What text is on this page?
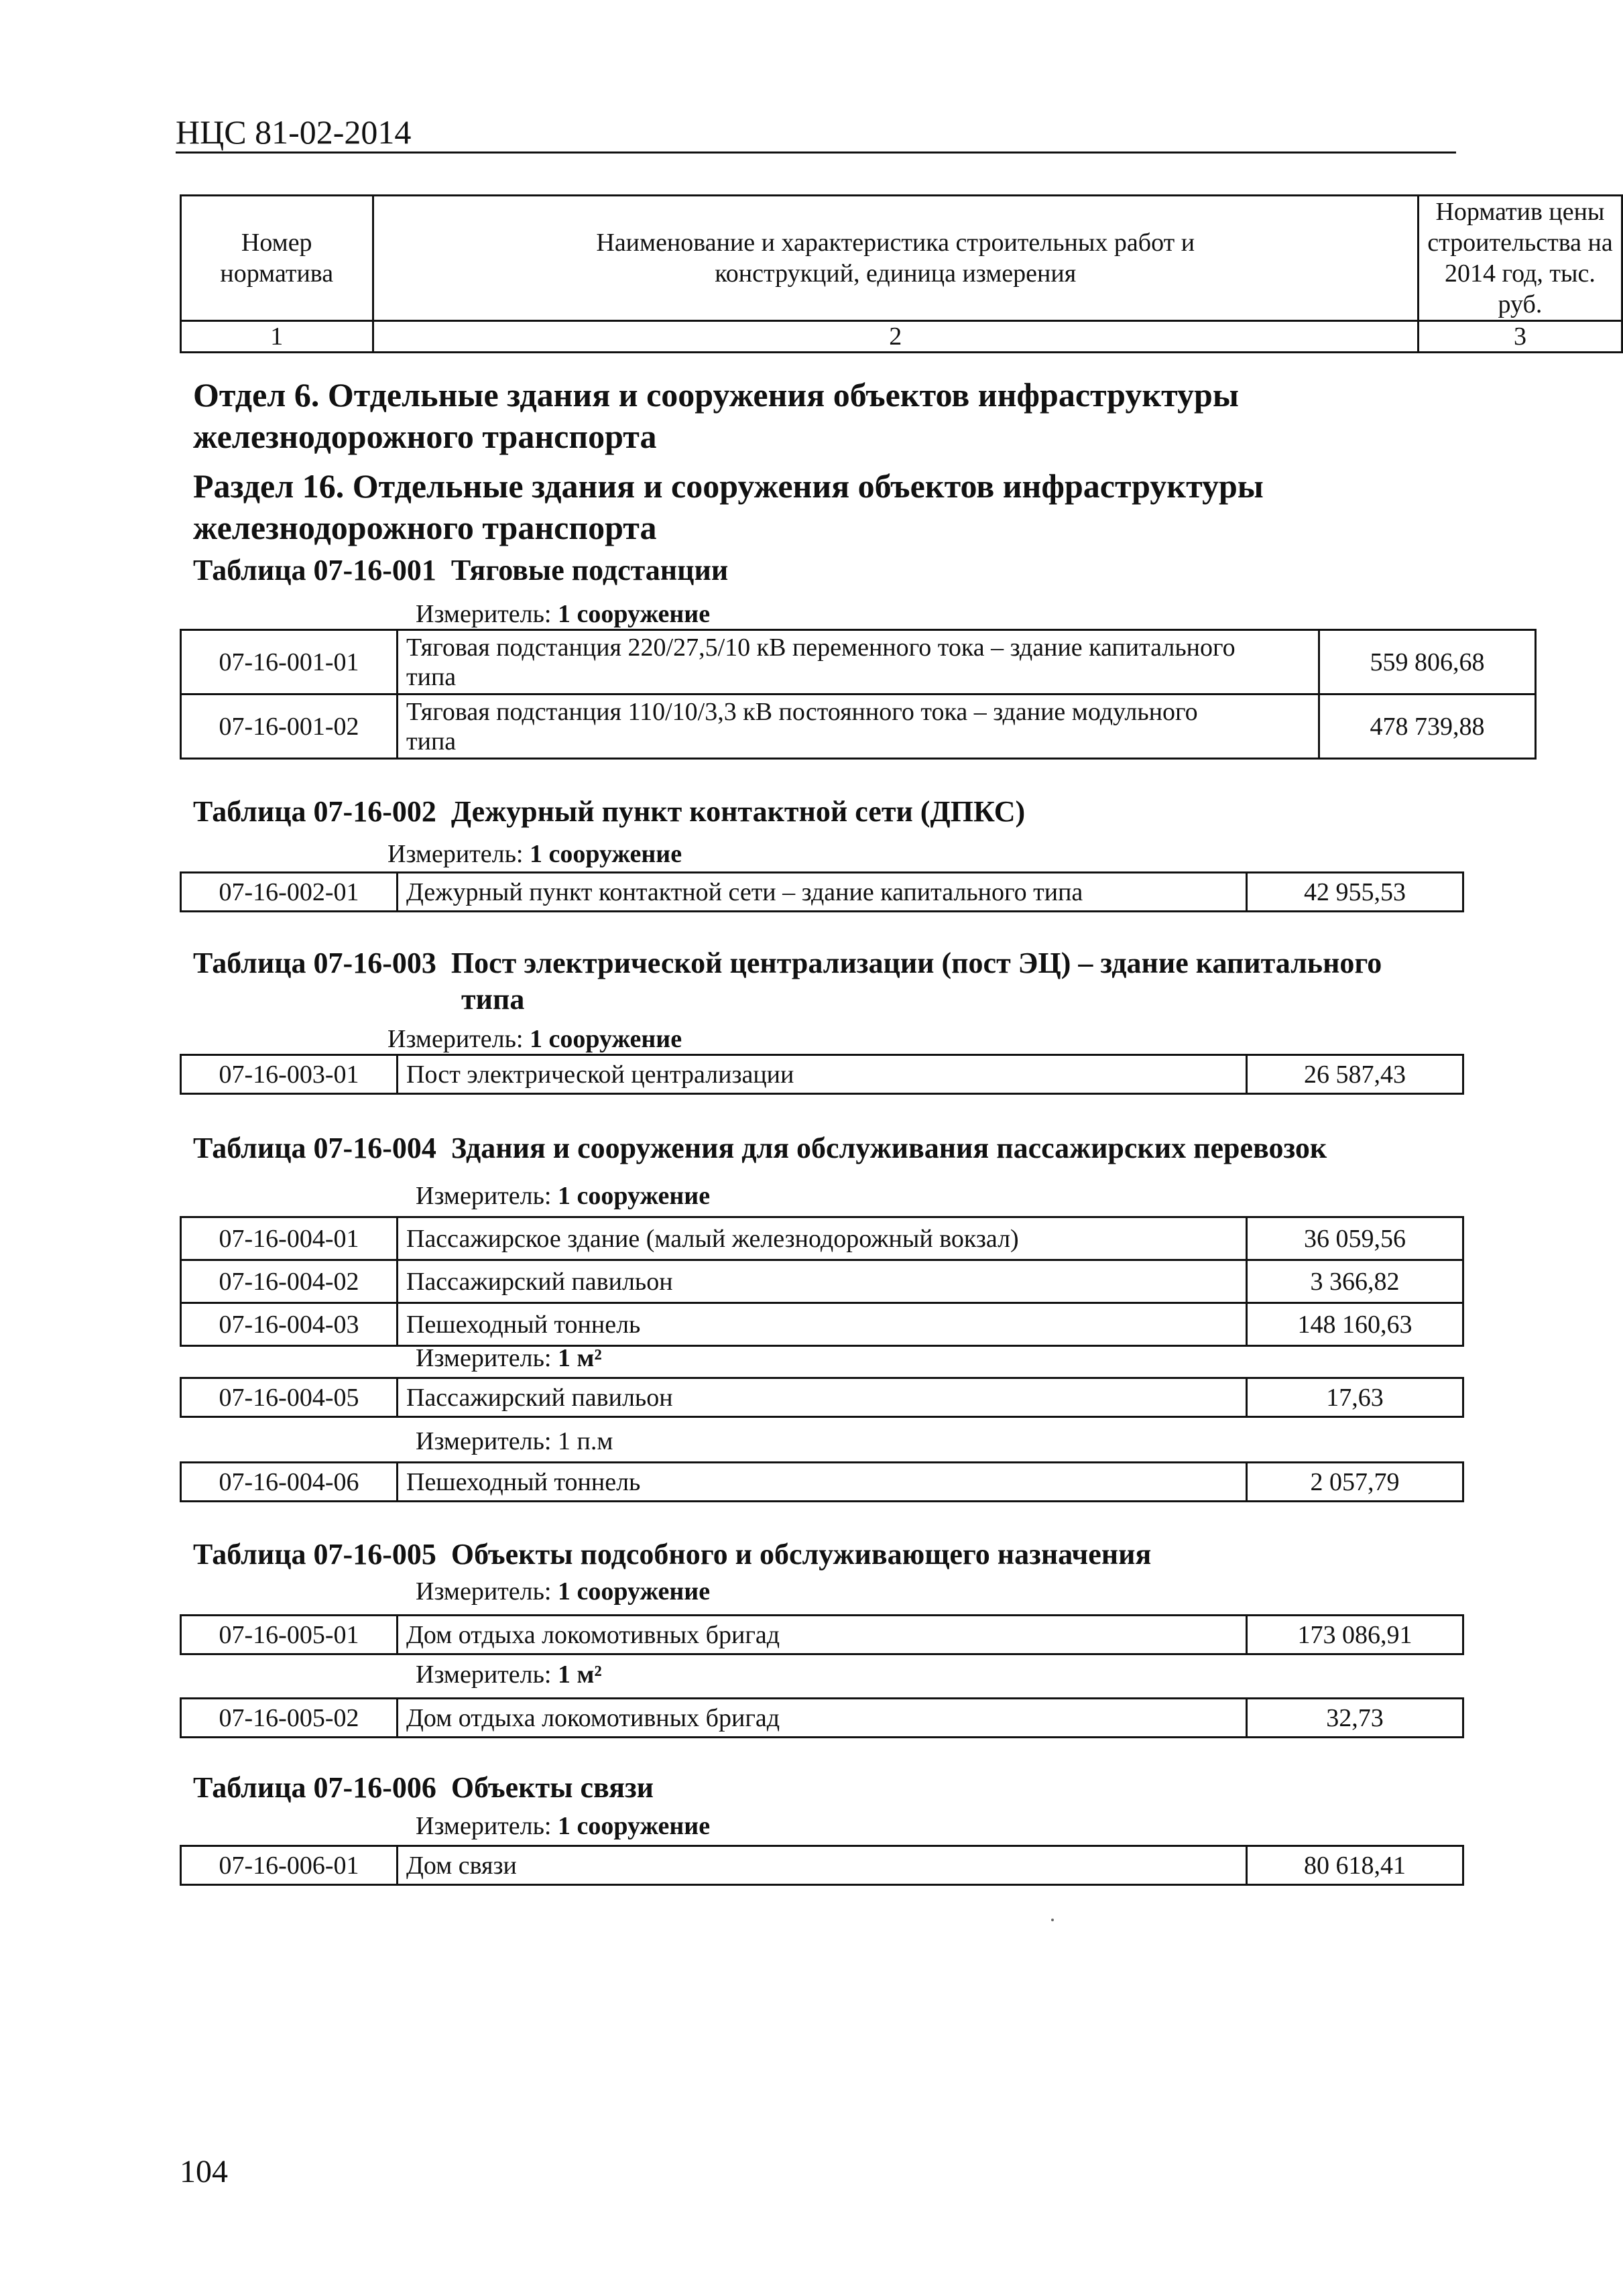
НЦС 81-02-2014
Номер норматива	Наименование и характеристика строительных работ и конструкций, единица измерения	Норматив цены строительства на 2014 год, тыс. руб.
1	2	3
Отдел 6. Отдельные здания и сооружения объектов инфраструктуры железнодорожного транспорта
Раздел 16. Отдельные здания и сооружения объектов инфраструктуры железнодорожного транспорта
Таблица 07-16-001 Тяговые подстанции
Измеритель: 1 сооружение
07-16-001-01	Тяговая подстанция 220/27,5/10 кВ переменного тока – здание капитального типа	559 806,68
07-16-001-02	Тяговая подстанция 110/10/3,3 кВ постоянного тока – здание модульного типа	478 739,88
Таблица 07-16-002 Дежурный пункт контактной сети (ДПКС)
Измеритель: 1 сооружение
07-16-002-01	Дежурный пункт контактной сети – здание капитального типа	42 955,53
Таблица 07-16-003 Пост электрической централизации (пост ЭЦ) – здание капитального
типа
Измеритель: 1 сооружение
07-16-003-01	Пост электрической централизации	26 587,43
Таблица 07-16-004 Здания и сооружения для обслуживания пассажирских перевозок
Измеритель: 1 сооружение
07-16-004-01	Пассажирское здание (малый железнодорожный вокзал)	36 059,56
07-16-004-02	Пассажирский павильон	3 366,82
07-16-004-03	Пешеходный тоннель	148 160,63
Измеритель: 1 м²
07-16-004-05	Пассажирский павильон	17,63
Измеритель: 1 п.м
07-16-004-06	Пешеходный тоннель	2 057,79
Таблица 07-16-005 Объекты подсобного и обслуживающего назначения
Измеритель: 1 сооружение
07-16-005-01	Дом отдыха локомотивных бригад	173 086,91
Измеритель: 1 м²
07-16-005-02	Дом отдыха локомотивных бригад	32,73
Таблица 07-16-006 Объекты связи
Измеритель: 1 сооружение
07-16-006-01	Дом связи	80 618,41
104
